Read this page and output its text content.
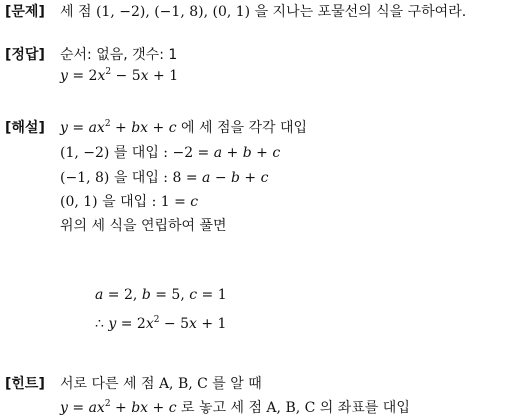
[문제] 세 점 (1, −2), (−1, 8), (0, 1) 을 지나는 포물선의 식을 구하여라.
[정답] 순서: 없음, 갯수: 1
$y = 2x^2 - 5x + 1$
[해설] $y = ax^2$ + bx + c 에 세 점을 각각 대입
(1, −2) 를 대입 : −2 = a + b + c
(−1, 8) 을 대입 : 8 = a − b + c
(0, 1) 을 대입 : 1 = c
위의 세 식을 연립하여 풀면
a = 2, b = 5, c = 1
∴ $y = 2x^2 - 5x + 1$
[힌트] 서로 다른 세 점 A, B, C 를 알 때
$y = ax^2$ + bx + c 로 놓고 세 점 A, B, C 의 좌표를 대입
